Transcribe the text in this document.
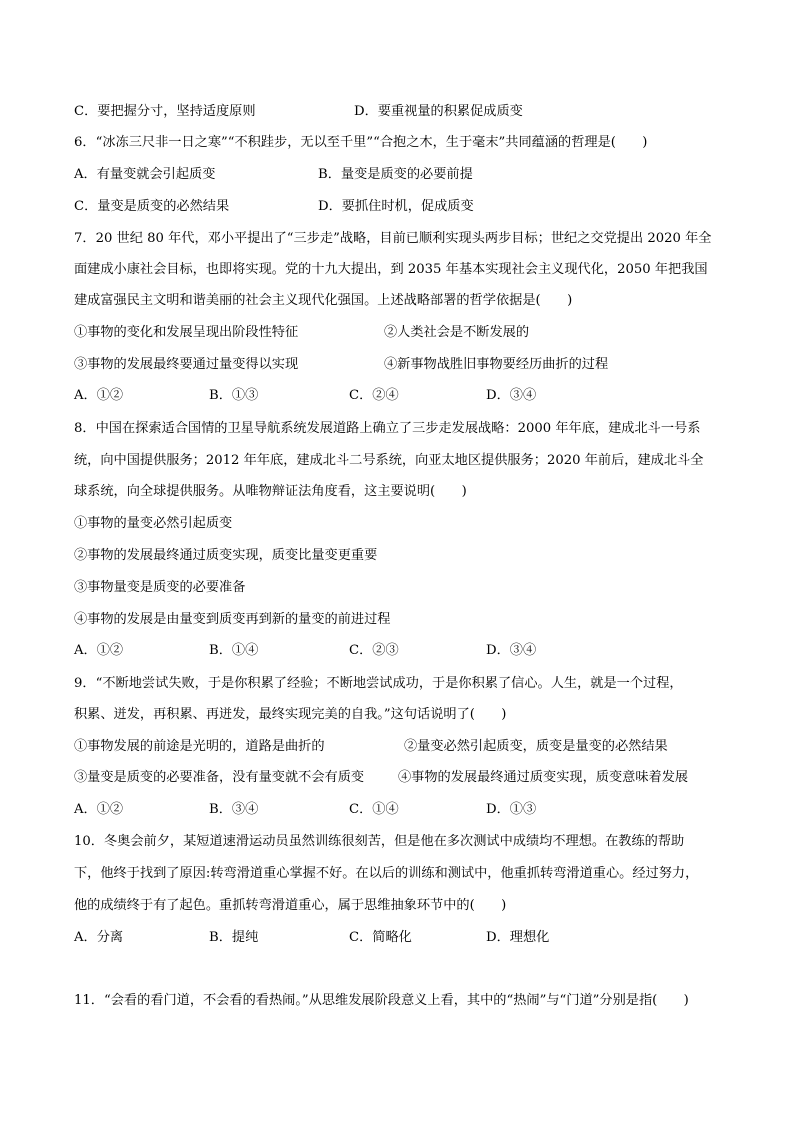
C．要把握分寸，坚持适度原则	D．要重视量的积累促成质变
6．“冰冻三尺非一日之寒”“不积跬步，无以至千里”“合抱之木，生于毫末”共同蕴涵的哲理是(　　)
A．有量变就会引起质变	B．量变是质变的必要前提
C．量变是质变的必然结果	D．要抓住时机，促成质变
7．20 世纪 80 年代，邓小平提出了“三步走”战略，目前已顺利实现头两步目标；世纪之交党提出 2020 年全
面建成小康社会目标，也即将实现。党的十九大提出，到 2035 年基本实现社会主义现代化，2050 年把我国
建成富强民主文明和谐美丽的社会主义现代化强国。上述战略部署的哲学依据是(　　)
①事物的变化和发展呈现出阶段性特征	②人类社会是不断发展的
③事物的发展最终要通过量变得以实现	④新事物战胜旧事物要经历曲折的过程
A．①②	B．①③	C．②④	D．③④
8．中国在探索适合国情的卫星导航系统发展道路上确立了三步走发展战略：2000 年年底，建成北斗一号系
统，向中国提供服务；2012 年年底，建成北斗二号系统，向亚太地区提供服务；2020 年前后，建成北斗全
球系统，向全球提供服务。从唯物辩证法角度看，这主要说明(　　)
①事物的量变必然引起质变
②事物的发展最终通过质变实现，质变比量变更重要
③事物量变是质变的必要准备
④事物的发展是由量变到质变再到新的量变的前进过程
A．①②	B．①④	C．②③	D．③④
9．“不断地尝试失败，于是你积累了经验；不断地尝试成功，于是你积累了信心。人生，就是一个过程，
积累、迸发，再积累、再迸发，最终实现完美的自我。”这句话说明了(　　)
①事物发展的前途是光明的，道路是曲折的	②量变必然引起质变，质变是量变的必然结果
③量变是质变的必要准备，没有量变就不会有质变	④事物的发展最终通过质变实现，质变意味着发展
A．①②	B．③④	C．①④	D．①③
10．冬奥会前夕，某短道速滑运动员虽然训练很刻苦，但是他在多次测试中成绩均不理想。在教练的帮助
下，他终于找到了原因:转弯滑道重心掌握不好。在以后的训练和测试中，他重抓转弯滑道重心。经过努力，
他的成绩终于有了起色。重抓转弯滑道重心，属于思维抽象环节中的(　　)
A．分离	B．提纯	C．简略化	D．理想化
11．“会看的看门道，不会看的看热闹。”从思维发展阶段意义上看，其中的“热闹”与“门道”分别是指(　　)
